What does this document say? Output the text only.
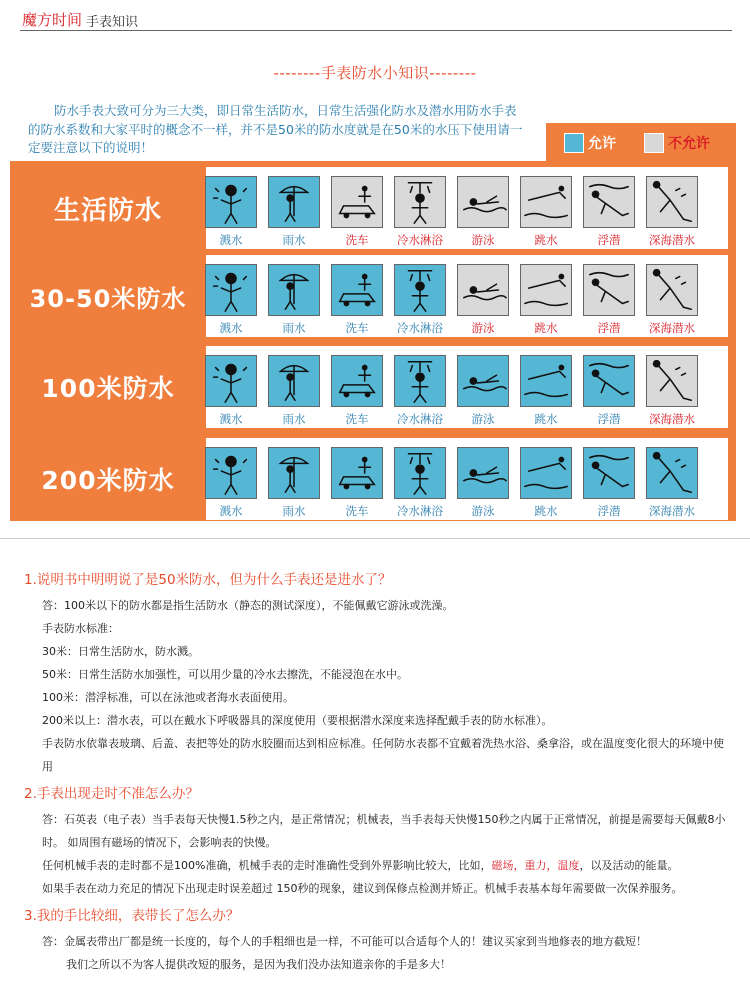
魔方时间 手表知识
--------手表防水小知识--------

防水手表大致可分为三大类，即日常生活防水，日常生活强化防水及潜水用防水手表的防水系数和大家平时的概念不一样，并不是50米的防水度就是在50米的水压下使用请一定要注意以下的说明！	允许	不允许
生活防水
溅水	雨水	洗车	冷水淋浴	游泳	跳水	浮潜	深海潜水
30-50米防水
溅水	雨水	洗车	冷水淋浴	游泳	跳水	浮潜	深海潜水
100米防水
溅水	雨水	洗车	冷水淋浴	游泳	跳水	浮潜	深海潜水
200米防水
溅水	雨水	洗车	冷水淋浴	游泳	跳水	浮潜	深海潜水

1.说明书中明明说了是50米防水，但为什么手表还是进水了？

答：100米以下的防水都是指生活防水（静态的测试深度），不能佩戴它游泳或洗澡。

手表防水标准：

30米：日常生活防水，防水溅。

50米：日常生活防水加强性，可以用少量的冷水去擦洗，不能浸泡在水中。

100米：潜浮标准，可以在泳池或者海水表面使用。

200米以上：潜水表，可以在戴水下呼吸器具的深度使用（要根据潜水深度来选择配戴手表的防水标准）。

手表防水依靠表玻璃、后盖、表把等处的防水胶圈而达到相应标准。任何防水表都不宜戴着洗热水浴、桑拿浴，或在温度变化很大的环境中使用

2.手表出现走时不准怎么办？

答：石英表（电子表）当手表每天快慢1.5秒之内，是正常情况；机械表，当手表每天快慢150秒之内属于正常情况，前提是需要每天佩戴8小时。 如周围有磁场的情况下，会影响表的快慢。

任何机械手表的走时都不是100%准确，机械手表的走时准确性受到外界影响比较大，比如，磁场，重力，温度，以及活动的能量。

如果手表在动力充足的情况下出现走时误差超过 150秒的现象，建议到保修点检测并矫正。机械手表基本每年需要做一次保养服务。

3.我的手比较细，表带长了怎么办？

答：金属表带出厂都是统一长度的，每个人的手粗细也是一样，不可能可以合适每个人的！建议买家到当地修表的地方截短！

我们之所以不为客人提供改短的服务，是因为我们没办法知道亲你的手是多大！
